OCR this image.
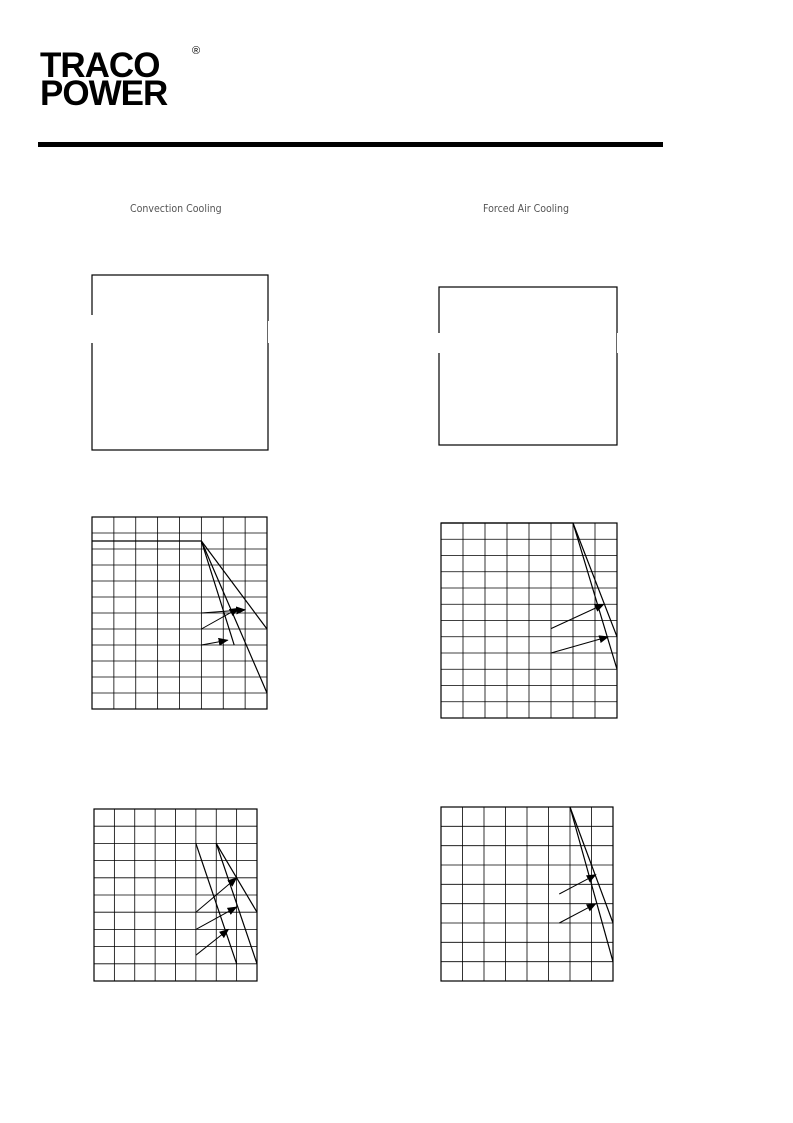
TRACO
POWER
®
Convection Cooling	Forced Air Cooling
